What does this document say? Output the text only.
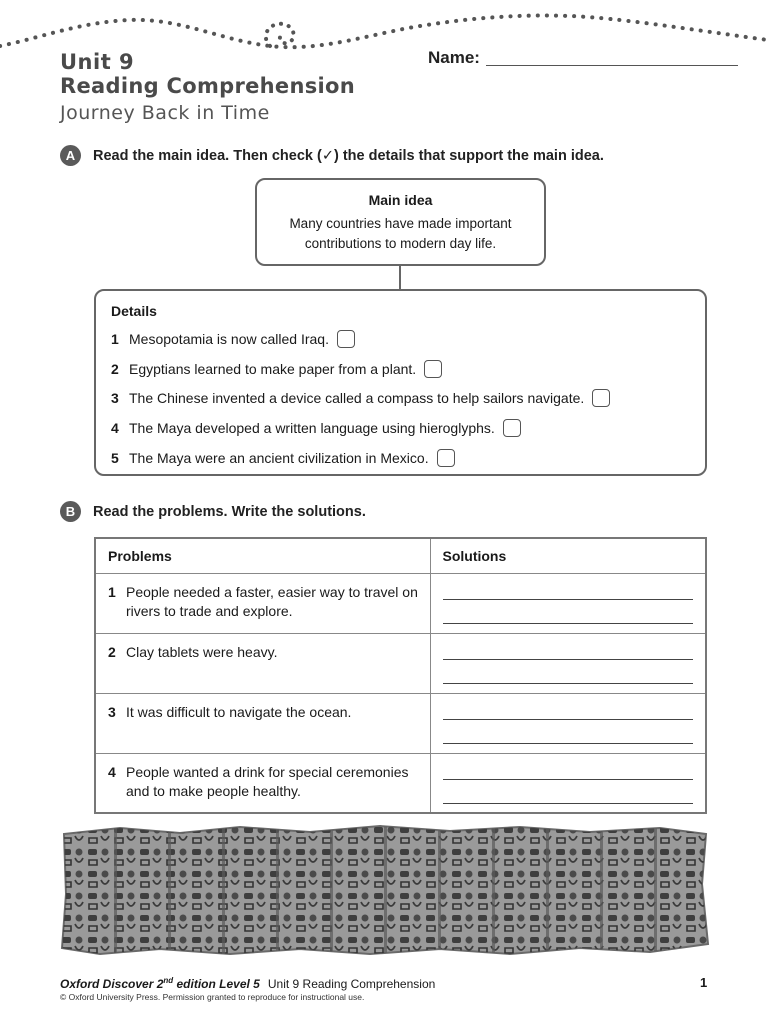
Unit 9
Reading Comprehension
Journey Back in Time
Name:
A	Read the main idea. Then check (✓) the details that support the main idea.
Main idea
Many countries have made important contributions to modern day life.
Details
1 Mesopotamia is now called Iraq.
2 Egyptians learned to make paper from a plant.
3 The Chinese invented a device called a compass to help sailors navigate.
4 The Maya developed a written language using hieroglyphs.
5 The Maya were an ancient civilization in Mexico.
B	Read the problems. Write the solutions.
Problems	Solutions

1 People needed a faster, easier way to travel on rivers to trade and explore.	

2 Clay tablets were heavy.	

3 It was difficult to navigate the ocean.	

4 People wanted a drink for special ceremonies and to make people healthy.	

Oxford Discover 2nd edition Level 5 Unit 9 Reading Comprehension
© Oxford University Press. Permission granted to reproduce for instructional use.
1
